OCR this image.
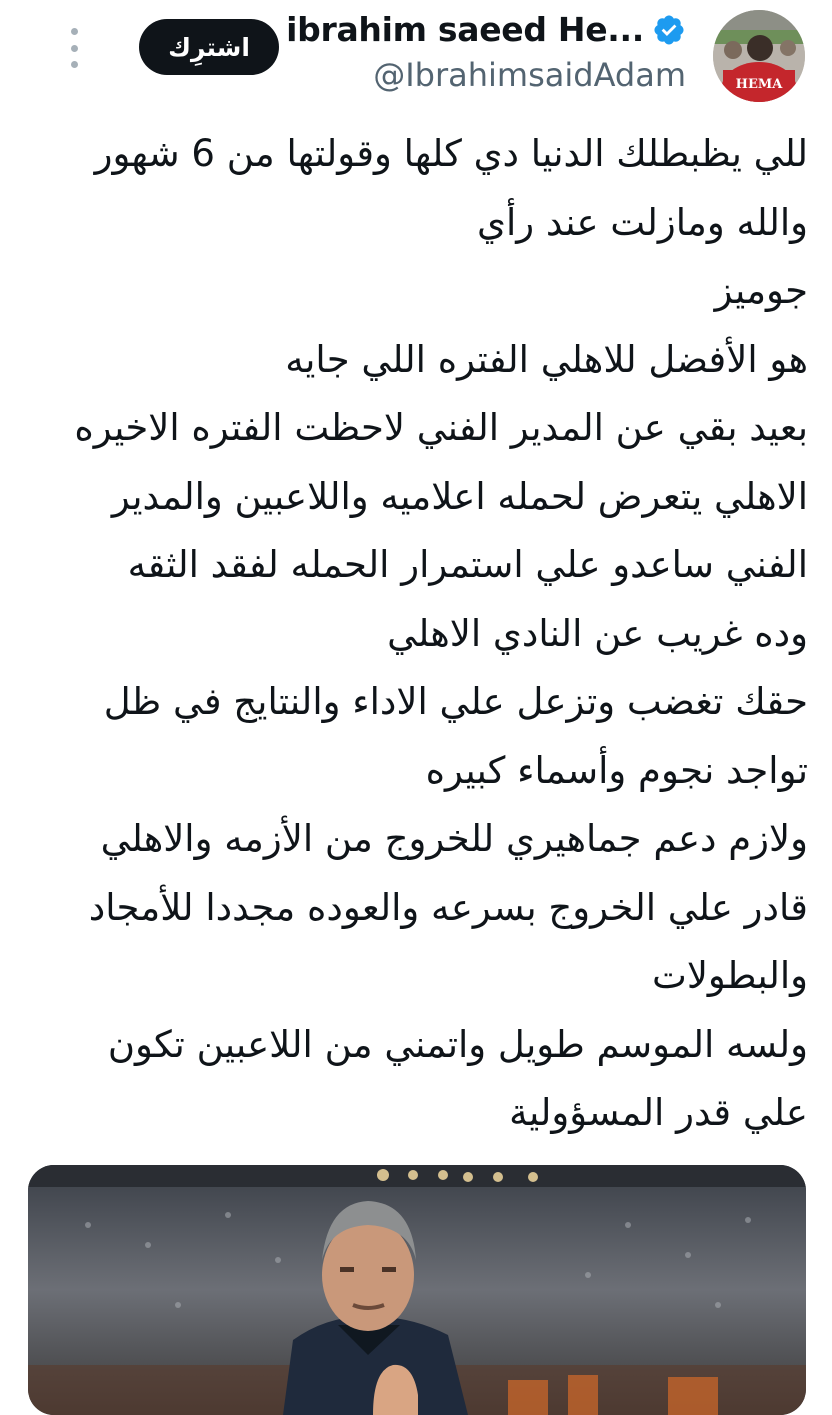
HEMA
ibrahim saeed He...
@IbrahimsaidAdam
اشترِك
للي يظبطلك الدنيا دي كلها وقولتها من 6 شهور
والله ومازلت عند رأي
جوميز
هو الأفضل للاهلي الفتره اللي جايه
بعيد بقي عن المدير الفني لاحظت الفتره الاخيره
الاهلي يتعرض لحمله اعلاميه واللاعبين والمدير
الفني ساعدو علي استمرار الحمله لفقد الثقه
وده غريب عن النادي الاهلي
حقك تغضب وتزعل علي الاداء والنتايج في ظل
تواجد نجوم وأسماء كبيره
ولازم دعم جماهيري للخروج من الأزمه والاهلي
قادر علي الخروج بسرعه والعوده مجددا للأمجاد
والبطولات
ولسه الموسم طويل واتمني من اللاعبين تكون
علي قدر المسؤولية
